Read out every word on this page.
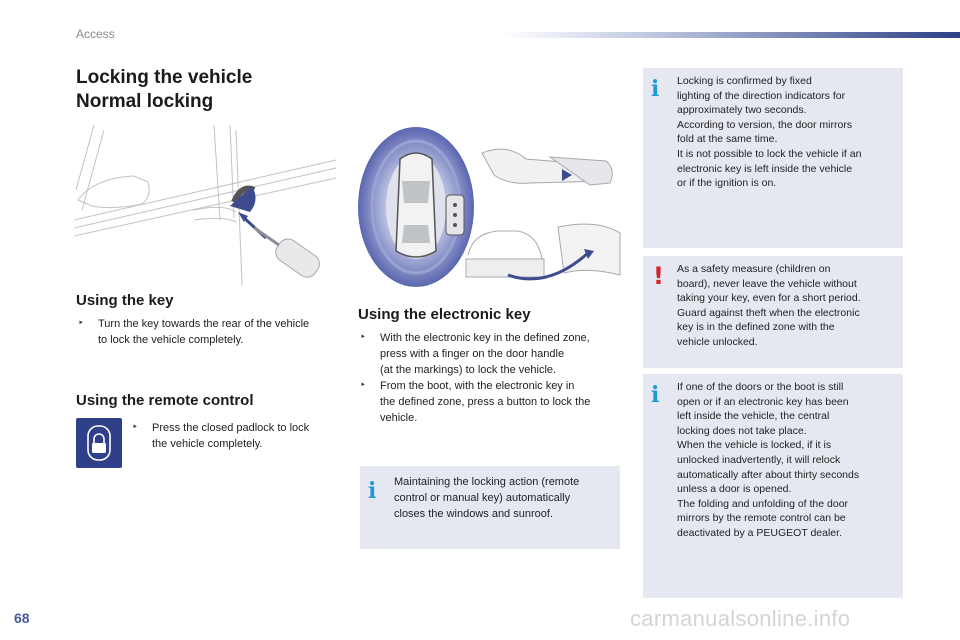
Access
Locking the vehicle
Normal locking
Using the key
‣ Turn the key towards the rear of the vehicle
to lock the vehicle completely.
Using the remote control
‣ Press the closed padlock to lock
the vehicle completely.
Using the electronic key
‣ With the electronic key in the defined zone,
press with a finger on the door handle
(at the markings) to lock the vehicle.
‣ From the boot, with the electronic key in
the defined zone, press a button to lock the
vehicle.
i Maintaining the locking action (remote
control or manual key) automatically
closes the windows and sunroof.
i Locking is confirmed by fixed
lighting of the direction indicators for
approximately two seconds.
According to version, the door mirrors
fold at the same time.
It is not possible to lock the vehicle if an
electronic key is left inside the vehicle
or if the ignition is on.
! As a safety measure (children on
board), never leave the vehicle without
taking your key, even for a short period.
Guard against theft when the electronic
key is in the defined zone with the
vehicle unlocked.
i If one of the doors or the boot is still
open or if an electronic key has been
left inside the vehicle, the central
locking does not take place.
When the vehicle is locked, if it is
unlocked inadvertently, it will relock
automatically after about thirty seconds
unless a door is opened.
The folding and unfolding of the door
mirrors by the remote control can be
deactivated by a PEUGEOT dealer.
68	carmanualsonline.info
